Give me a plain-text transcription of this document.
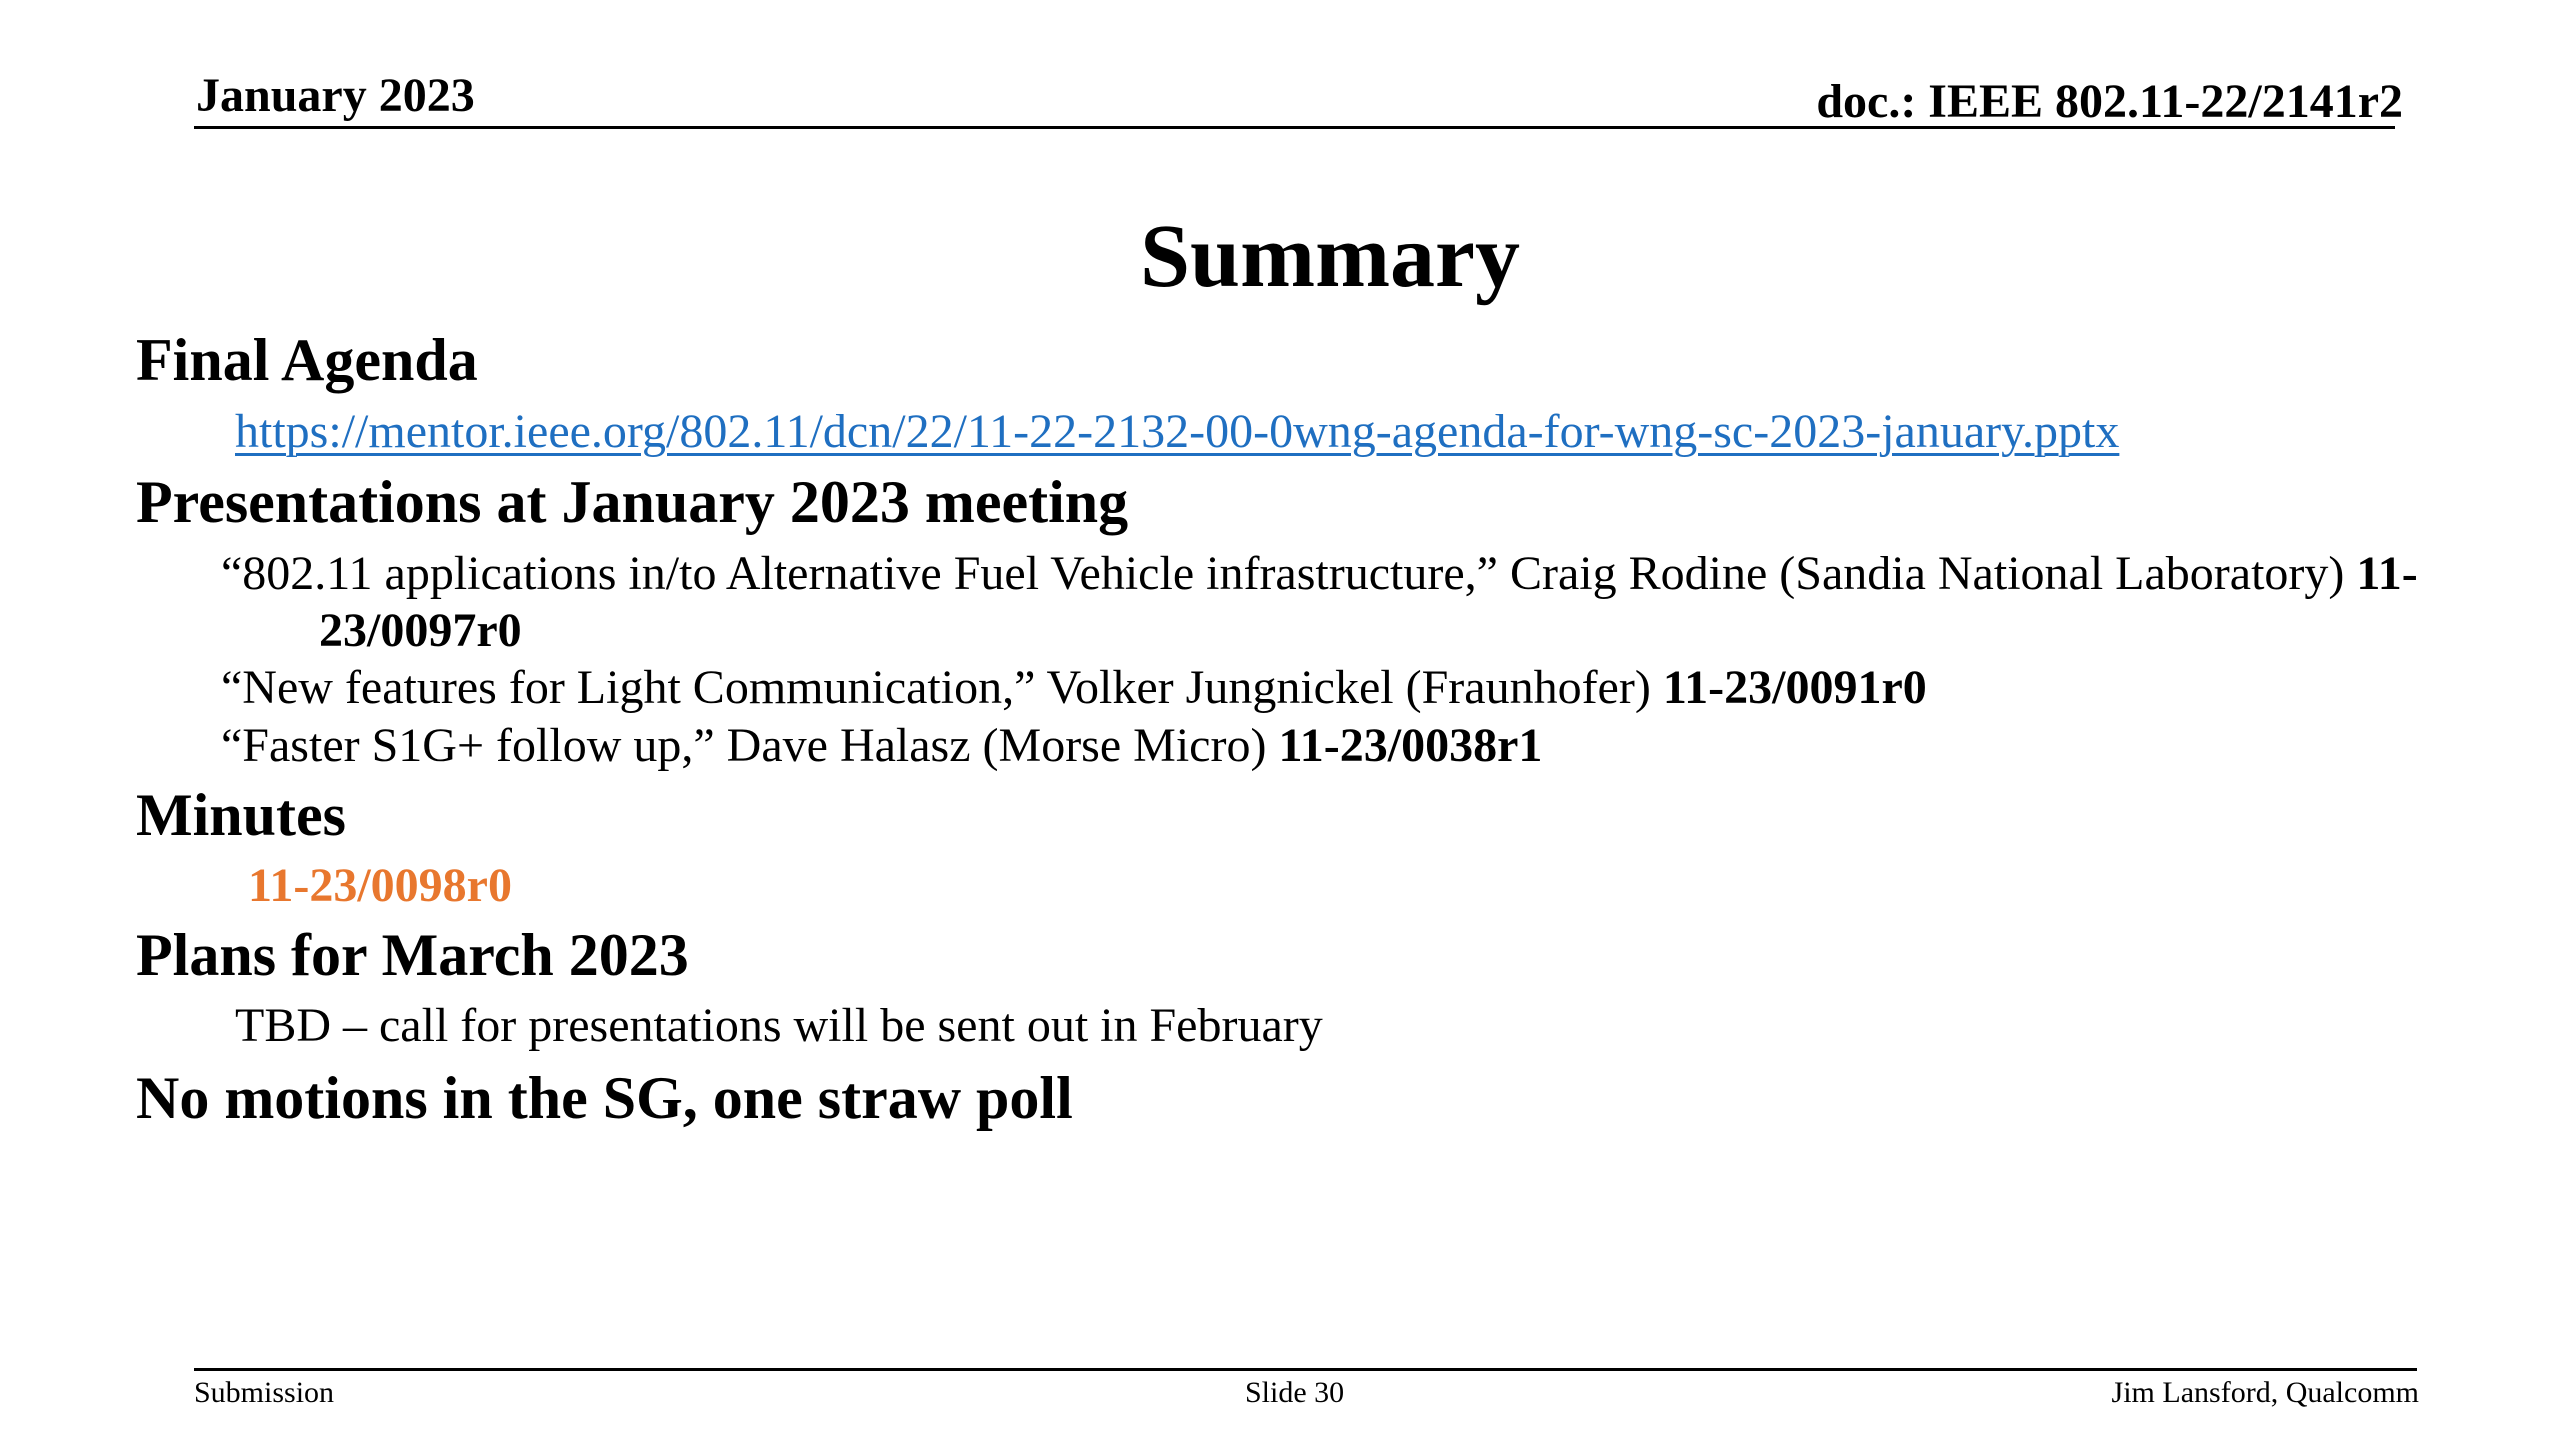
January 2023	doc.: IEEE 802.11-22/2141r2
Summary
Final Agenda
https://mentor.ieee.org/802.11/dcn/22/11-22-2132-00-0wng-agenda-for-wng-sc-2023-january.pptx
Presentations at January 2023 meeting
“802.11 applications in/to Alternative Fuel Vehicle infrastructure,” Craig Rodine (Sandia National Laboratory) 11-
23/0097r0
“New features for Light Communication,” Volker Jungnickel (Fraunhofer) 11-23/0091r0
“Faster S1G+ follow up,” Dave Halasz (Morse Micro) 11-23/0038r1
Minutes
11-23/0098r0
Plans for March 2023
TBD – call for presentations will be sent out in February
No motions in the SG, one straw poll
Submission	Slide 30	Jim Lansford, Qualcomm
